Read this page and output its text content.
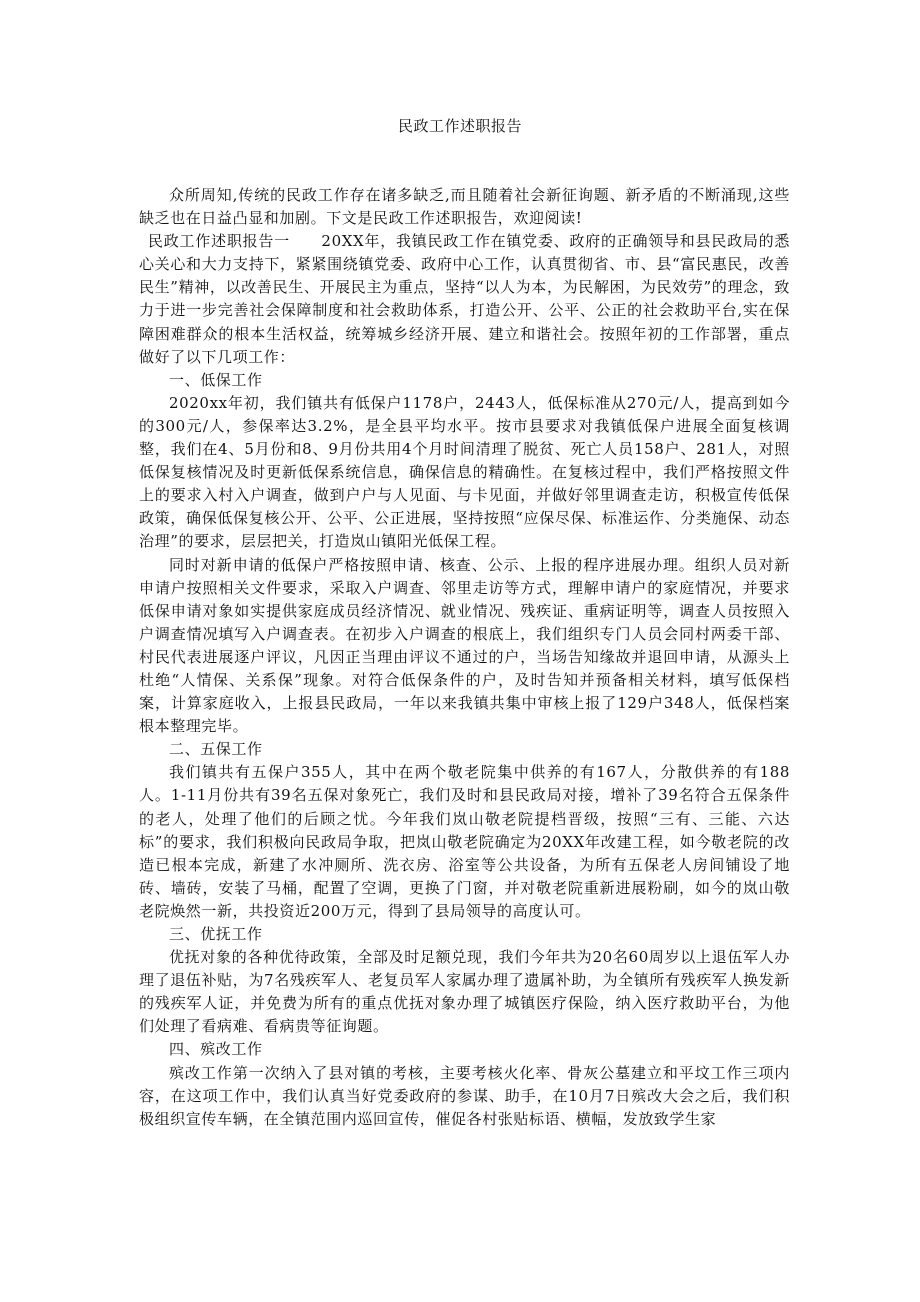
民政工作述职报告

众所周知,传统的民政工作存在诸多缺乏,而且随着社会新征询题、新矛盾的不断涌现,这些缺乏也在日益凸显和加剧。下文是民政工作述职报告，欢迎阅读!

民政工作述职报告一　　20XX年，我镇民政工作在镇党委、政府的正确领导和县民政局的悉心关心和大力支持下，紧紧围绕镇党委、政府中心工作，认真贯彻省、市、县“富民惠民，改善民生”精神，以改善民生、开展民主为重点，坚持“以人为本，为民解困，为民效劳”的理念，致力于进一步完善社会保障制度和社会救助体系，打造公开、公平、公正的社会救助平台,实在保障困难群众的根本生活权益，统筹城乡经济开展、建立和谐社会。按照年初的工作部署，重点做好了以下几项工作：

一、低保工作

2020xx年初，我们镇共有低保户1178户，2443人，低保标准从270元/人，提高到如今的300元/人，参保率达3.2%，是全县平均水平。按市县要求对我镇低保户进展全面复核调整，我们在4、5月份和8、9月份共用4个月时间清理了脱贫、死亡人员158户、281人，对照低保复核情况及时更新低保系统信息，确保信息的精确性。在复核过程中，我们严格按照文件上的要求入村入户调查，做到户户与人见面、与卡见面，并做好邻里调查走访，积极宣传低保政策，确保低保复核公开、公平、公正进展，坚持按照“应保尽保、标准运作、分类施保、动态治理”的要求，层层把关，打造岚山镇阳光低保工程。

同时对新申请的低保户严格按照申请、核查、公示、上报的程序进展办理。组织人员对新申请户按照相关文件要求，采取入户调查、邻里走访等方式，理解申请户的家庭情况，并要求低保申请对象如实提供家庭成员经济情况、就业情况、残疾证、重病证明等，调查人员按照入户调查情况填写入户调查表。在初步入户调查的根底上，我们组织专门人员会同村两委干部、村民代表进展逐户评议，凡因正当理由评议不通过的户，当场告知缘故并退回申请，从源头上杜绝“人情保、关系保”现象。对符合低保条件的户，及时告知并预备相关材料，填写低保档案，计算家庭收入，上报县民政局，一年以来我镇共集中审核上报了129户348人，低保档案根本整理完毕。

二、五保工作

我们镇共有五保户355人，其中在两个敬老院集中供养的有167人，分散供养的有188人。1-11月份共有39名五保对象死亡，我们及时和县民政局对接，增补了39名符合五保条件的老人，处理了他们的后顾之忧。今年我们岚山敬老院提档晋级，按照“三有、三能、六达标”的要求，我们积极向民政局争取，把岚山敬老院确定为20XX年改建工程，如今敬老院的改造已根本完成，新建了水冲厕所、洗衣房、浴室等公共设备，为所有五保老人房间铺设了地砖、墙砖，安装了马桶，配置了空调，更换了门窗，并对敬老院重新进展粉刷，如今的岚山敬老院焕然一新，共投资近200万元，得到了县局领导的高度认可。

三、优抚工作

优抚对象的各种优待政策，全部及时足额兑现，我们今年共为20名60周岁以上退伍军人办理了退伍补贴，为7名残疾军人、老复员军人家属办理了遗属补助，为全镇所有残疾军人换发新的残疾军人证，并免费为所有的重点优抚对象办理了城镇医疗保险，纳入医疗救助平台，为他们处理了看病难、看病贵等征询题。

四、殡改工作

殡改工作第一次纳入了县对镇的考核，主要考核火化率、骨灰公墓建立和平坟工作三项内容，在这项工作中，我们认真当好党委政府的参谋、助手，在10月7日殡改大会之后，我们积极组织宣传车辆，在全镇范围内巡回宣传，催促各村张贴标语、横幅，发放致学生家
